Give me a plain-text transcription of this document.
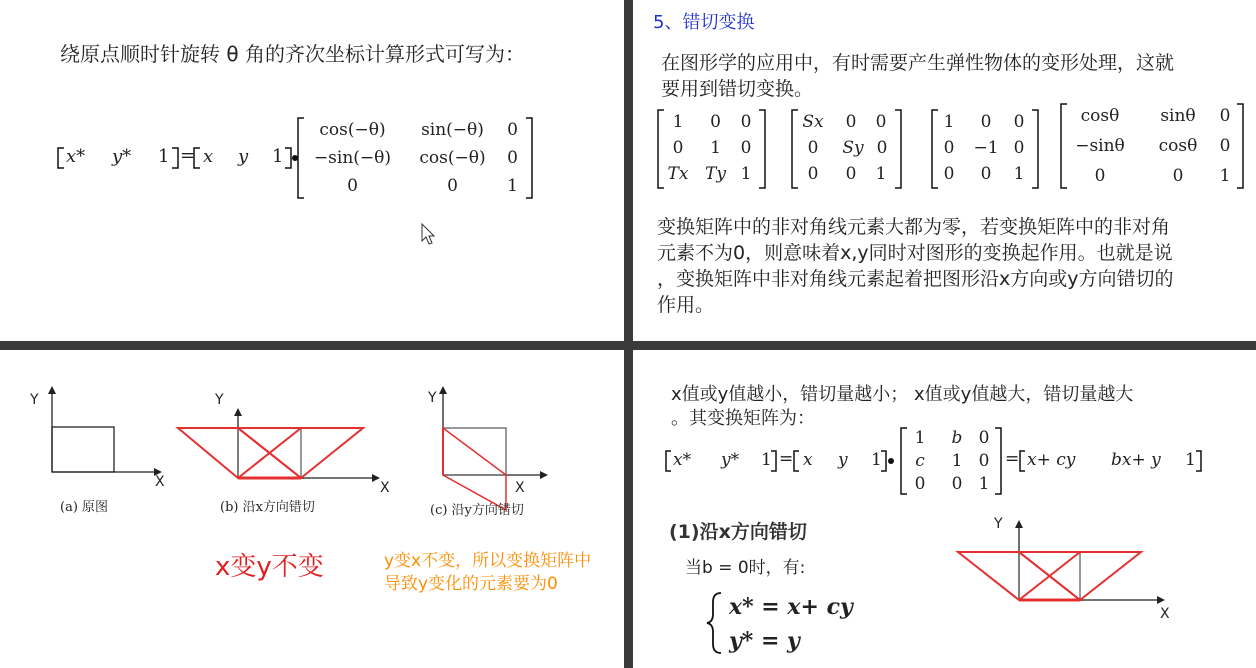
绕原点顺时针旋转 θ 角的齐次坐标计算形式可写为：
x* y* 1 = x y 1
cos(−θ)	sin(−θ)	0
−sin(−θ)	cos(−θ)	0
0	0	1
5、错切变换
在图形学的应用中，有时需要产生弹性物体的变形处理，这就
要用到错切变换。
1	0	0
0	1	0
Tx Ty 1
Sx	0	0
0	Sy 0
0	0	1
1	0	0
0	−1 0
0	0	1
cosθ	sinθ	0
−sinθ	cosθ	0
0	0	1
变换矩阵中的非对角线元素大都为零，若变换矩阵中的非对角
元素不为0，则意味着x,y同时对图形的变换起作用。也就是说
，变换矩阵中非对角线元素起着把图形沿x方向或y方向错切的
作用。
Y
X
Y
X
Y
X
(a) 原图	(b) 沿x方向错切	(c) 沿y方向错切
x变y不变	y变x不变，所以变换矩阵中
导致y变化的元素要为0
x值或y值越小，错切量越小； x值或y值越大，错切量越大
。其变换矩阵为：
x* y* 1 = x y 1
1	b 0
c	1 0
0	0 1
= x+ cy bx+ y 1
(1)沿x方向错切
当b = 0时，有:
x* = x+ cy
y* = y
Y
X
